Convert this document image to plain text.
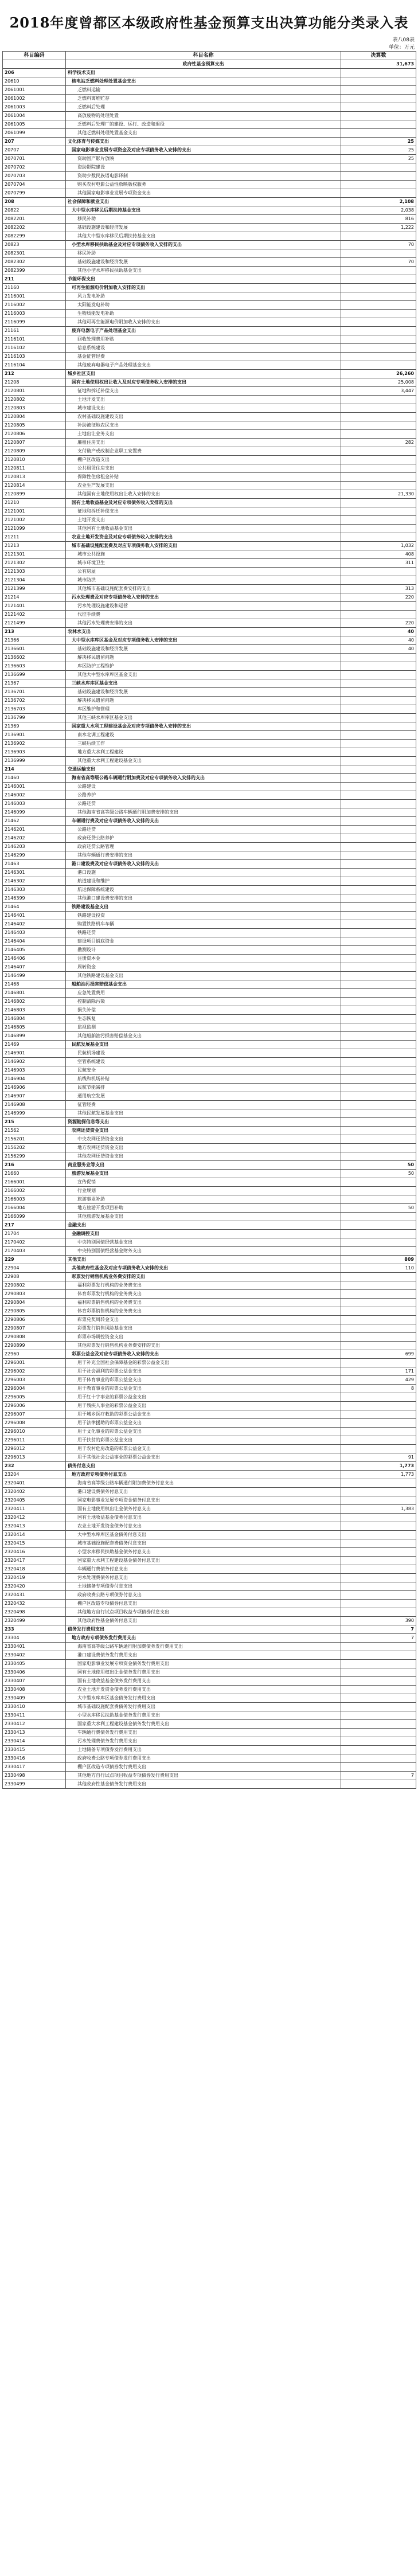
2018年度曾都区本级政府性基金预算支出决算功能分类录入表
表八08表
单位：万元
科目编码	科目名称	决算数
	政府性基金预算支出	31,673
206	科学技术支出	
20610	核电站乏燃料处理处置基金支出	
2061001	乏燃料运输	
2061002	乏燃料离堆贮存	
2061003	乏燃料后处理	
2061004	高放废物的处理处置	
2061005	乏燃料后处理厂的建设、运行、改造和退役	
2061099	其他乏燃料处理处置基金支出	
207	文化体育与传媒支出	25
20707	国家电影事业发展专项资金及对应专项债务收入安排的支出	25
2070701	资助国产影片放映	25
2070702	资助影院建设	
2070703	资助少数民族语电影译制	
2070704	购买农村电影公益性放映版权服务	
2070799	其他国家电影事业发展专项资金支出	
208	社会保障和就业支出	2,108
20822	大中型水库移民后期扶持基金支出	2,038
2082201	移民补助	816
2082202	基础设施建设和经济发展	1,222
2082299	其他大中型水库移民后期扶持基金支出	
20823	小型水库移民扶助基金及对应专项债务收入安排的支出	70
2082301	移民补助	
2082302	基础设施建设和经济发展	70
2082399	其他小型水库移民扶助基金支出	
211	节能环保支出	
21160	可再生能源电价附加收入安排的支出	
2116001	风力发电补助	
2116002	太阳能发电补助	
2116003	生物质能发电补助	
2116099	其他可再生能源电价附加收入安排的支出	
21161	废弃电器电子产品处理基金支出	
2116101	回收处理费用补贴	
2116102	信息系统建设	
2116103	基金征管经费	
2116104	其他废弃电器电子产品处理基金支出	
212	城乡社区支出	26,260
21208	国有土地使用权出让收入及对应专项债务收入安排的支出	25,008
2120801	征地和拆迁补偿支出	3,447
2120802	土地开发支出	
2120803	城市建设支出	
2120804	农村基础设施建设支出	
2120805	补助被征地农民支出	
2120806	土地出让业务支出	
2120807	廉租住房支出	282
2120809	支付破产或改制企业职工安置费	
2120810	棚户区改造支出	
2120811	公共租赁住房支出	
2120813	保障性住房租金补贴	
2120814	农业生产发展支出	
2120899	其他国有土地使用权出让收入安排的支出	21,330
21210	国有土地收益基金及对应专项债务收入安排的支出	
2121001	征地和拆迁补偿支出	
2121002	土地开发支出	
2121099	其他国有土地收益基金支出	
21211	农业土地开发资金及对应专项债务收入安排的支出	
21213	城市基础设施配套费及对应专项债务收入安排的支出	1,032
2121301	城市公共设施	408
2121302	城市环境卫生	311
2121303	公有房屋	
2121304	城市防洪	
2121399	其他城市基础设施配套费安排的支出	313
21214	污水处理费及对应专项债务收入安排的支出	220
2121401	污水处理设施建设和运营	
2121402	代征手续费	
2121499	其他污水处理费安排的支出	220
213	农林水支出	40
21366	大中型水库库区基金及对应专项债务收入安排的支出	40
2136601	基础设施建设和经济发展	40
2136602	解决移民遗留问题	
2136603	库区防护工程维护	
2136699	其他大中型水库库区基金支出	
21367	三峡水库库区基金支出	
2136701	基础设施建设和经济发展	
2136702	解决移民遗留问题	
2136703	库区维护和管理	
2136799	其他三峡水库库区基金支出	
21369	国家重大水利工程建设基金及对应专项债务收入安排的支出	
2136901	南水北调工程建设	
2136902	三峡后续工作	
2136903	地方重大水利工程建设	
2136999	其他重大水利工程建设基金支出	
214	交通运输支出	
21460	海南省高等级公路车辆通行附加费及对应专项债务收入安排的支出	
2146001	公路建设	
2146002	公路养护	
2146003	公路还贷	
2146099	其他海南省高等级公路车辆通行附加费安排的支出	
21462	车辆通行费及对应专项债务收入安排的支出	
2146201	公路还贷	
2146202	政府还贷公路养护	
2146203	政府还贷公路管理	
2146299	其他车辆通行费安排的支出	
21463	港口建设费及对应专项债务收入安排的支出	
2146301	港口设施	
2146302	航道建设和维护	
2146303	航运保障系统建设	
2146399	其他港口建设费安排的支出	
21464	铁路建设基金支出	
2146401	铁路建设投资	
2146402	购置铁路机车车辆	
2146403	铁路还贷	
2146404	建设项目铺底资金	
2146405	勘测设计	
2146406	注册资本金	
2146407	周转资金	
2146499	其他铁路建设基金支出	
21468	船舶油污损害赔偿基金支出	
2146801	应急处置费用	
2146802	控制清除污染	
2146803	损失补偿	
2146804	生态恢复	
2146805	监视监测	
2146899	其他船舶油污损害赔偿基金支出	
21469	民航发展基金支出	
2146901	民航机场建设	
2146902	空管系统建设	
2146903	民航安全	
2146904	航线和机场补贴	
2146906	民航节能减排	
2146907	通用航空发展	
2146908	征管经费	
2146999	其他民航发展基金支出	
215	资源勘探信息等支出	
21562	农网还贷资金支出	
2156201	中央农网还贷资金支出	
2156202	地方农网还贷资金支出	
2156299	其他农网还贷资金支出	
216	商业服务业等支出	50
21660	旅游发展基金支出	50
2166001	宣传促销	
2166002	行业规划	
2166003	旅游事业补助	
2166004	地方旅游开发项目补助	50
2166099	其他旅游发展基金支出	
217	金融支出	
21704	金融调控支出	
2170402	中央特别国债经营基金支出	
2170403	中央特别国债经营基金财务支出	
229	其他支出	809
22904	其他政府性基金及对应专项债务收入安排的支出	110
22908	彩票发行销售机构业务费安排的支出	
2290802	福利彩票发行机构的业务费支出	
2290803	体育彩票发行机构的业务费支出	
2290804	福利彩票销售机构的业务费支出	
2290805	体育彩票销售机构的业务费支出	
2290806	彩票兑奖周转金支出	
2290807	彩票发行销售风险基金支出	
2290808	彩票市场调控资金支出	
2290899	其他彩票发行销售机构业务费安排的支出	
22960	彩票公益金及对应专项债务收入安排的支出	699
2296001	用于补充全国社会保障基金的彩票公益金支出	
2296002	用于社会福利的彩票公益金支出	171
2296003	用于体育事业的彩票公益金支出	429
2296004	用于教育事业的彩票公益金支出	8
2296005	用于红十字事业的彩票公益金支出	
2296006	用于残疾人事业的彩票公益金支出	
2296007	用于城乡医疗救助的彩票公益金支出	
2296008	用于法律援助的彩票公益金支出	
2296010	用于文化事业的彩票公益金支出	
2296011	用于扶贫的彩票公益金支出	
2296012	用于农村危房改造的彩票公益金支出	
2296013	用于其他社会公益事业的彩票公益金支出	91
232	债务付息支出	1,773
23204	地方政府专项债务付息支出	1,773
2320401	海南省高等级公路车辆通行附加费债务付息支出	
2320402	港口建设费债务付息支出	
2320405	国家电影事业发展专项资金债务付息支出	
2320411	国有土地使用权出让金债务付息支出	1,383
2320412	国有土地收益基金债务付息支出	
2320413	农业土地开发资金债务付息支出	
2320414	大中型水库库区基金债务付息支出	
2320415	城市基础设施配套费债务付息支出	
2320416	小型水库移民扶助基金债务付息支出	
2320417	国家重大水利工程建设基金债务付息支出	
2320418	车辆通行费债务付息支出	
2320419	污水处理费债务付息支出	
2320420	土地储备专项债券付息支出	
2320431	政府收费公路专项债券付息支出	
2320432	棚户区改造专项债券付息支出	
2320498	其他地方自行试点项目收益专项债券付息支出	
2320499	其他政府性基金债务付息支出	390
233	债务发行费用支出	7
23304	地方政府专项债务发行费用支出	7
2330401	海南省高等级公路车辆通行附加费债务发行费用支出	
2330402	港口建设费债务发行费用支出	
2330405	国家电影事业发展专项资金债务发行费用支出	
2330406	国有土地使用权出让金债务发行费用支出	
2330407	国有土地收益基金债务发行费用支出	
2330408	农业土地开发资金债务发行费用支出	
2330409	大中型水库库区基金债务发行费用支出	
2330410	城市基础设施配套费债务发行费用支出	
2330411	小型水库移民扶助基金债务发行费用支出	
2330412	国家重大水利工程建设基金债务发行费用支出	
2330413	车辆通行费债务发行费用支出	
2330414	污水处理费债务发行费用支出	
2330415	土地储备专项债券发行费用支出	
2330416	政府收费公路专项债券发行费用支出	
2330417	棚户区改造专项债券发行费用支出	
2330498	其他地方自行试点项目收益专项债券发行费用支出	7
2330499	其他政府性基金债务发行费用支出	
